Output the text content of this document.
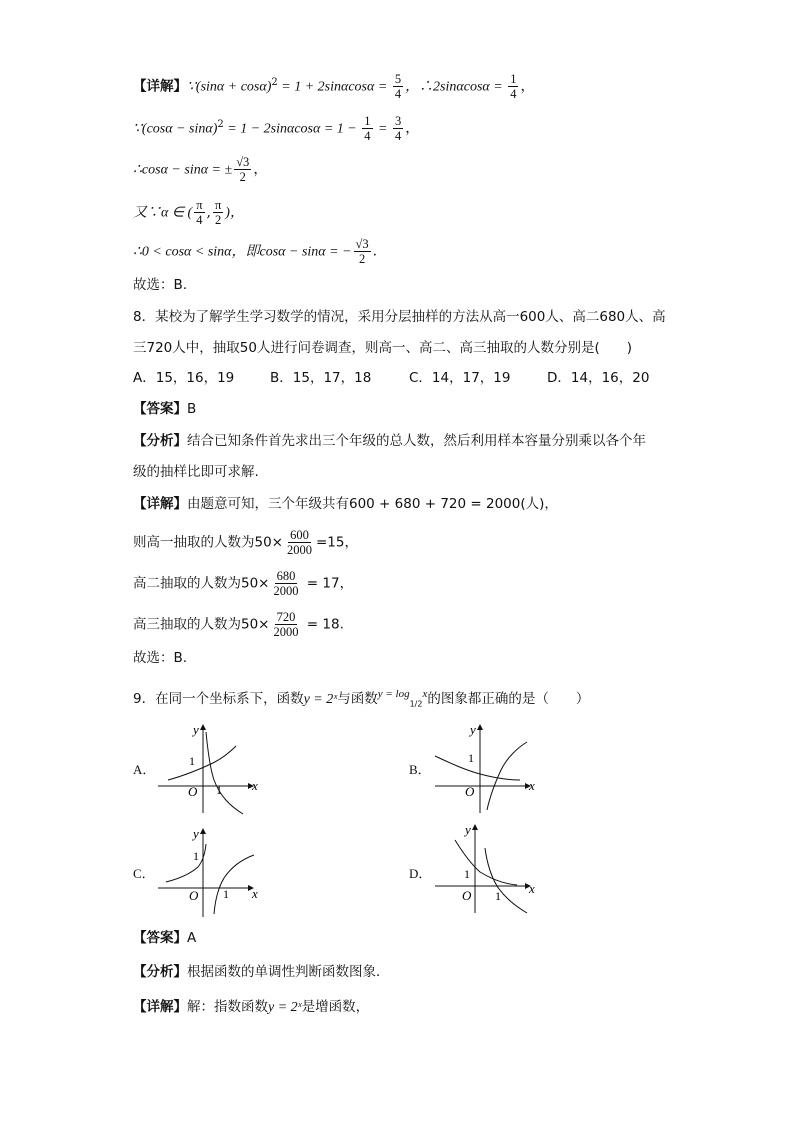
【详解】∵(sinα + $\cos\alpha)^2 = 1 + 2\sin\alpha\cos\alpha = \frac{5}{4}$ ，∴2sinαcosα = $\frac{1}{4}$ ，
∵(cosα − $\sin\alpha)^2 = 1 - 2\sin\alpha\cos\alpha = 1 - \frac{1}{4} = \frac{3}{4}$ ，
∴cosα − sinα = ± $\frac{√3}{2}$ ，
又∵α ∈ ( $\frac{\pi}{4}$ , $\frac{\pi}{2}$ )，
∴0 < cosα < sinα，即cosα − sinα = − $\frac{√3}{2}$ .
故选：B.
8．某校为了解学生学习数学的情况，采用分层抽样的方法从高一600人、高二680人、高
三720人中，抽取50人进行问卷调查，则高一、高二、高三抽取的人数分别是(　　)
A．15，16，19	B．15，17，18	C．14，17，19	D．14，16，20
【答案】B
【分析】结合已知条件首先求出三个年级的总人数，然后利用样本容量分别乘以各个年
级的抽样比即可求解.
【详解】由题意可知，三个年级共有600 + 680 + 720 = 2000(人)，
则高一抽取的人数为$50\times \frac{600}{2000} =15$，
高二抽取的人数为$50\times \frac{680}{2000} = 17$，
高三抽取的人数为$50\times \frac{720}{2000} = 18$.
故选：B.
9．在同一个坐标系下，函数y = 2ˣ与函数$^{y = log}_{1/2}^x$的图象都正确的是（　　）
A．
y
x
O
1
1
B．
y
x
O
1
C．
y
x
O
1
1
D．
y
x
O
1
1
【答案】A
【分析】根据函数的单调性判断函数图象．
【详解】解：指数函数y = 2ˣ是增函数，
